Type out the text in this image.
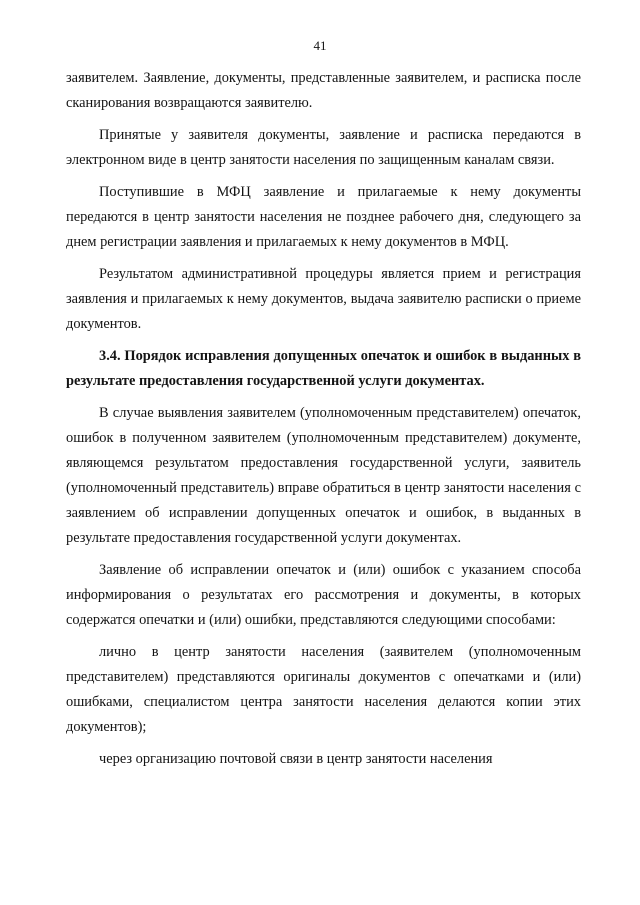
41

заявителем. Заявление, документы, представленные заявителем, и расписка после сканирования возвращаются заявителю.

Принятые у заявителя документы, заявление и расписка передаются в электронном виде в центр занятости населения по защищенным каналам связи.

Поступившие в МФЦ заявление и прилагаемые к нему документы передаются в центр занятости населения не позднее рабочего дня, следующего за днем регистрации заявления и прилагаемых к нему документов в МФЦ.

Результатом административной процедуры является прием и регистрация заявления и прилагаемых к нему документов, выдача заявителю расписки о приеме документов.

3.4. Порядок исправления допущенных опечаток и ошибок в выданных в результате предоставления государственной услуги документах.

В случае выявления заявителем (уполномоченным представителем) опечаток, ошибок в полученном заявителем (уполномоченным представителем) документе, являющемся результатом предоставления государственной услуги, заявитель (уполномоченный представитель) вправе обратиться в центр занятости населения с заявлением об исправлении допущенных опечаток и ошибок, в выданных в результате предоставления государственной услуги документах.

Заявление об исправлении опечаток и (или) ошибок с указанием способа информирования о результатах его рассмотрения и документы, в которых содержатся опечатки и (или) ошибки, представляются следующими способами:

лично в центр занятости населения (заявителем (уполномоченным представителем) представляются оригиналы документов с опечатками и (или) ошибками, специалистом центра занятости населения делаются копии этих документов);

через организацию почтовой связи в центр занятости населения
